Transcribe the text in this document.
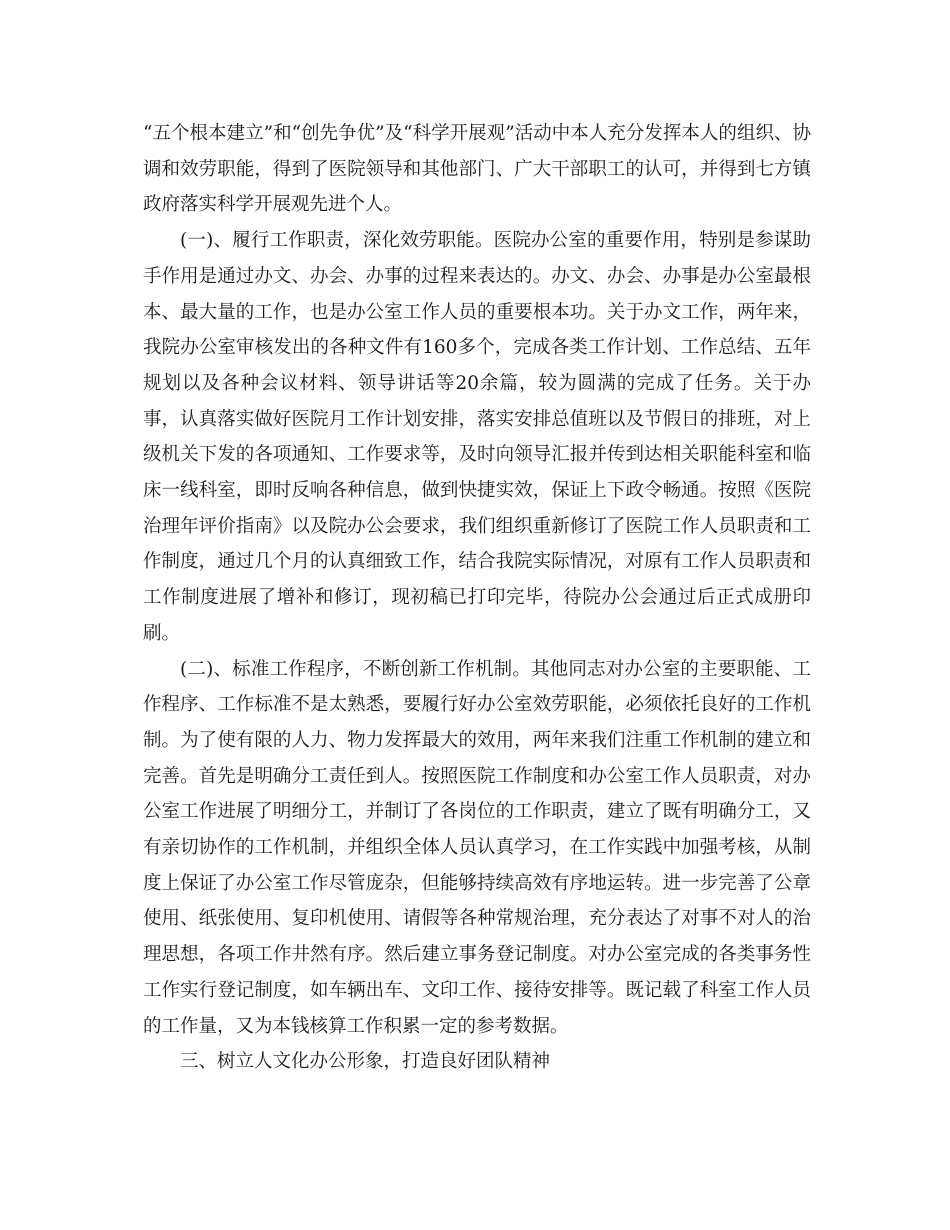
“五个根本建立”和“创先争优”及“科学开展观”活动中本人充分发挥本人的组织、协调和效劳职能，得到了医院领导和其他部门、广大干部职工的认可，并得到七方镇政府落实科学开展观先进个人。

(一)、履行工作职责，深化效劳职能。医院办公室的重要作用，特别是参谋助手作用是通过办文、办会、办事的过程来表达的。办文、办会、办事是办公室最根本、最大量的工作，也是办公室工作人员的重要根本功。关于办文工作，两年来，我院办公室审核发出的各种文件有160多个，完成各类工作计划、工作总结、五年规划以及各种会议材料、领导讲话等20余篇，较为圆满的完成了任务。关于办事，认真落实做好医院月工作计划安排，落实安排总值班以及节假日的排班，对上级机关下发的各项通知、工作要求等，及时向领导汇报并传到达相关职能科室和临床一线科室，即时反响各种信息，做到快捷实效，保证上下政令畅通。按照《医院治理年评价指南》以及院办公会要求，我们组织重新修订了医院工作人员职责和工作制度，通过几个月的认真细致工作，结合我院实际情况，对原有工作人员职责和工作制度进展了增补和修订，现初稿已打印完毕，待院办公会通过后正式成册印刷。

(二)、标准工作程序，不断创新工作机制。其他同志对办公室的主要职能、工作程序、工作标准不是太熟悉，要履行好办公室效劳职能，必须依托良好的工作机制。为了使有限的人力、物力发挥最大的效用，两年来我们注重工作机制的建立和完善。首先是明确分工责任到人。按照医院工作制度和办公室工作人员职责，对办公室工作进展了明细分工，并制订了各岗位的工作职责，建立了既有明确分工，又有亲切协作的工作机制，并组织全体人员认真学习，在工作实践中加强考核，从制度上保证了办公室工作尽管庞杂，但能够持续高效有序地运转。进一步完善了公章使用、纸张使用、复印机使用、请假等各种常规治理，充分表达了对事不对人的治理思想，各项工作井然有序。然后建立事务登记制度。对办公室完成的各类事务性工作实行登记制度，如车辆出车、文印工作、接待安排等。既记载了科室工作人员的工作量，又为本钱核算工作积累一定的参考数据。

三、树立人文化办公形象，打造良好团队精神
